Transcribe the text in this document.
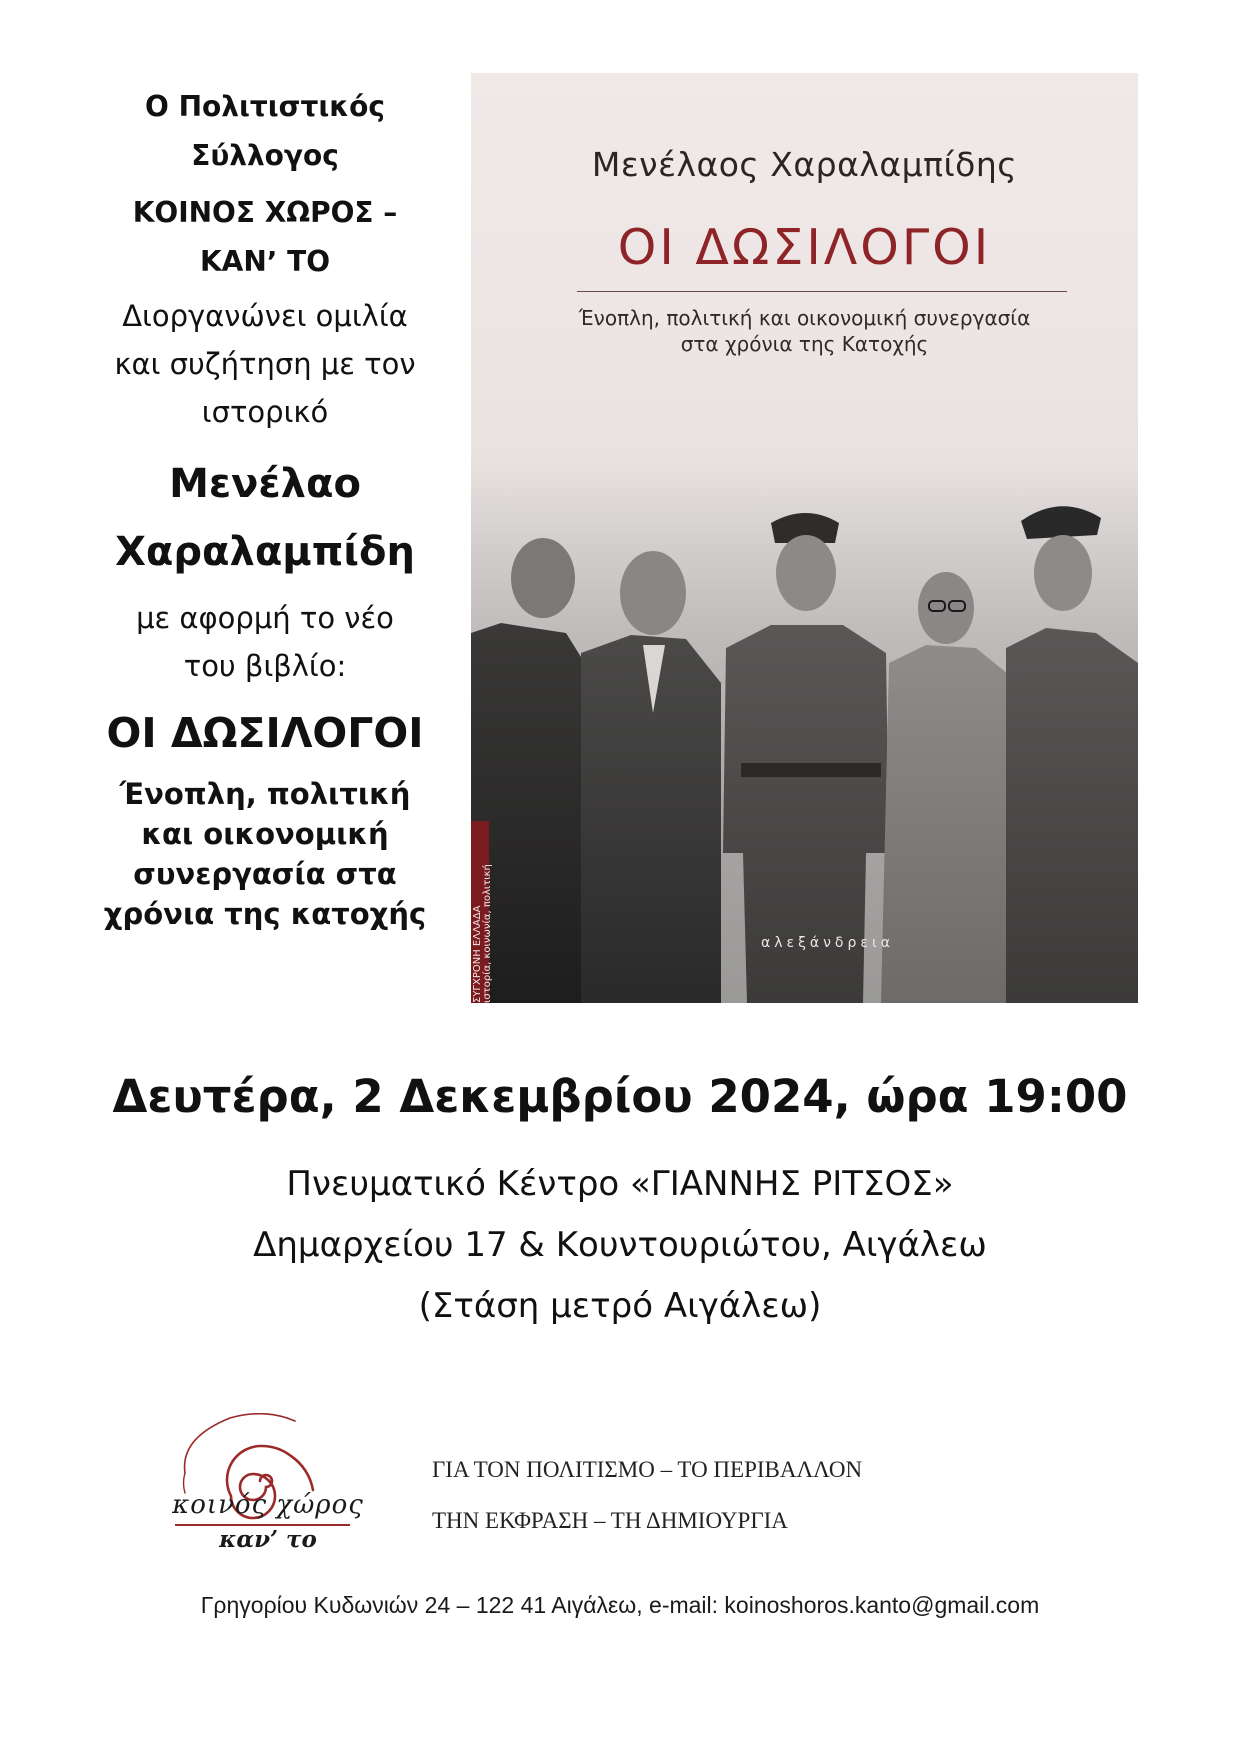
Ο Πολιτιστικός
Σύλλογος
ΚΟΙΝΟΣ ΧΩΡΟΣ –
ΚΑΝ’ ΤΟ
Διοργανώνει ομιλία
και συζήτηση με τον
ιστορικό
Μενέλαο
Χαραλαμπίδη
με αφορμή το νέο
του βιβλίο:
ΟΙ ΔΩΣΙΛΟΓΟΙ
Ένοπλη, πολιτική
και οικονομική
συνεργασία στα
χρόνια της κατοχής
Μενέλαος Χαραλαμπίδης
ΟΙ ΔΩΣΙΛΟΓΟΙ
Ένοπλη, πολιτική και οικονομική συνεργασία
στα χρόνια της Κατοχής
ΣΥΓΧΡΟΝΗ ΕΛΛΑΔΑ ιστορία, κοινωνία, πολιτική	αλεξάνδρεια
Δευτέρα, 2 Δεκεμβρίου 2024, ώρα 19:00
Πνευματικό Κέντρο «ΓΙΑΝΝΗΣ ΡΙΤΣΟΣ»
Δημαρχείου 17 & Κουντουριώτου, Αιγάλεω
(Στάση μετρό Αιγάλεω)
κοινός χώρος
καν’ το
ΓΙΑ ΤΟΝ ΠΟΛΙΤΙΣΜΟ – ΤΟ ΠΕΡΙΒΑΛΛΟΝ
ΤΗΝ ΕΚΦΡΑΣΗ – ΤΗ ΔΗΜΙΟΥΡΓΙΑ
Γρηγορίου Κυδωνιών 24 – 122 41 Αιγάλεω, e-mail: koinoshoros.kanto@gmail.com
